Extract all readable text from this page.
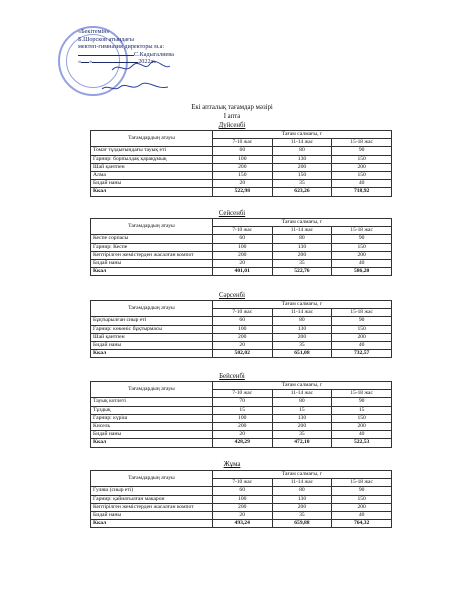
«Бекітемін»
Б.Шорсков атындағы
мектеп-гимназия директоры м.а:
С.Кадыгалиева
« »	2022ж.
Екі апталық тағамдар мәзірі
I апта
Дүйсенбі
Тағамдардың атауы	Тағам салмағы, г		
	7-10 жас	11-14 жас	15-18 жас
Томат тұздығындағы тауық еті	60	80	90
Гарнир: борпылдақ қарақұмық	100	130	150
Шай қантпен	200	200	200
Алма	150	150	150
Бидай наны	20	35	40
Ккал	522,98	623,26	718,92
Сейсенбі
Тағамдардың атауы	Тағам салмағы, г		
	7-10 жас	11-14 жас	15-18 жас
Кеспе сорпасы	60	80	90
Гарнир: Кеспе	100	130	150
Кептірілген жемістерден жасалған компот	200	200	200
Бидай наны	20	35	40
Ккал	401,01	522,76	586,20
Сәрсенбі
Тағамдардың атауы	Тағам салмағы, г		
	7-10 жас	11-14 жас	15-18 жас
Бұқтырылған сиыр еті	60	80	90
Гарнир: көкөніс бұқтырмасы	100	130	150
Шай қантпен	200	200	200
Бидай наны	20	35	40
Ккал	502,02	651,08	732,57
Бейсенбі
Тағамдардың атауы	Тағам салмағы, г		
	7-10 жас	11-14 жас	15-18 жас
Тауық котлеті	70	80	90
Тұздық	15	15	15
Гарнир: күріш	100	130	150
Кисель	200	200	200
Бидай наны	20	35	40
Ккал	428,29	472,10	522,53
Жұма
Тағамдардың атауы	Тағам салмағы, г		
	7-10 жас	11-14 жас	15-18 жас
Гуляш (сиыр еті)	60	80	90
Гарнир: қайнатылған макарон	100	130	150
Кептірілген жемістерден жасалған компот	200	200	200
Бидай наны	20	35	40
Ккал	493,24	659,88	764,32
